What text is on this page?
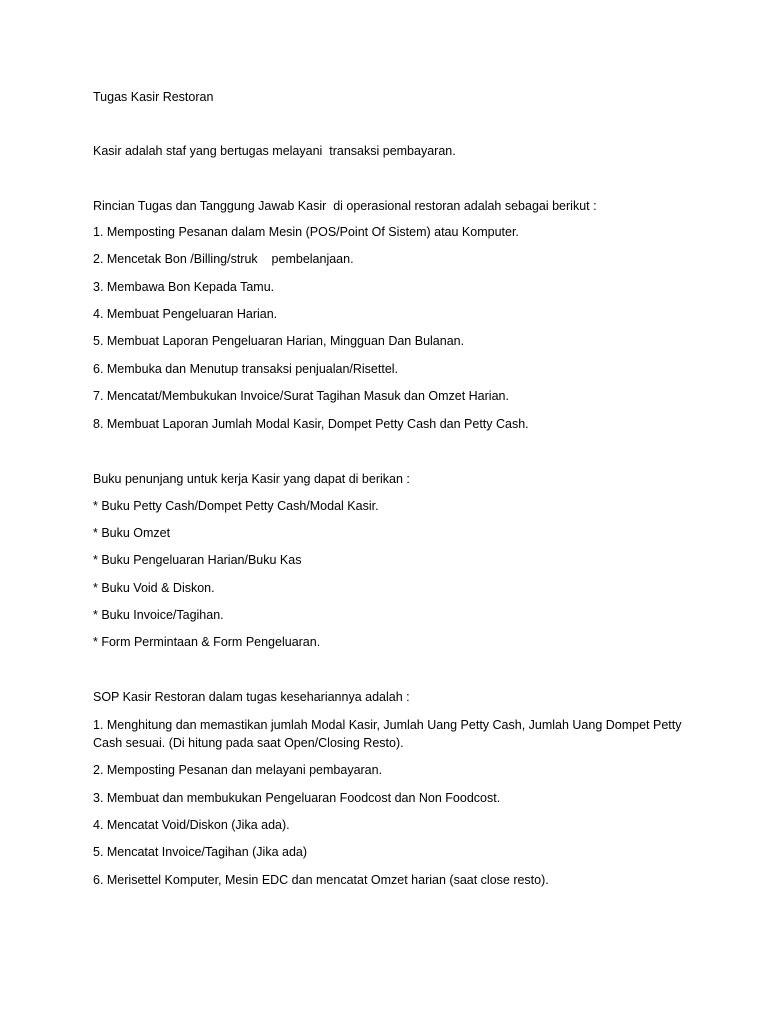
Tugas Kasir Restoran
Kasir adalah staf yang bertugas melayani  transaksi pembayaran.
Rincian Tugas dan Tanggung Jawab Kasir  di operasional restoran adalah sebagai berikut :
1. Memposting Pesanan dalam Mesin (POS/Point Of Sistem) atau Komputer.
2. Mencetak Bon /Billing/struk    pembelanjaan.
3. Membawa Bon Kepada Tamu.
4. Membuat Pengeluaran Harian.
5. Membuat Laporan Pengeluaran Harian, Mingguan Dan Bulanan.
6. Membuka dan Menutup transaksi penjualan/Risettel.
7. Mencatat/Membukukan Invoice/Surat Tagihan Masuk dan Omzet Harian.
8. Membuat Laporan Jumlah Modal Kasir, Dompet Petty Cash dan Petty Cash.
Buku penunjang untuk kerja Kasir yang dapat di berikan :
* Buku Petty Cash/Dompet Petty Cash/Modal Kasir.
* Buku Omzet
* Buku Pengeluaran Harian/Buku Kas
* Buku Void & Diskon.
* Buku Invoice/Tagihan.
* Form Permintaan & Form Pengeluaran.
SOP Kasir Restoran dalam tugas kesehariannya adalah :
1. Menghitung dan memastikan jumlah Modal Kasir, Jumlah Uang Petty Cash, Jumlah Uang Dompet Petty Cash sesuai. (Di hitung pada saat Open/Closing Resto).
2. Memposting Pesanan dan melayani pembayaran.
3. Membuat dan membukukan Pengeluaran Foodcost dan Non Foodcost.
4. Mencatat Void/Diskon (Jika ada).
5. Mencatat Invoice/Tagihan (Jika ada)
6. Merisettel Komputer, Mesin EDC dan mencatat Omzet harian (saat close resto).
